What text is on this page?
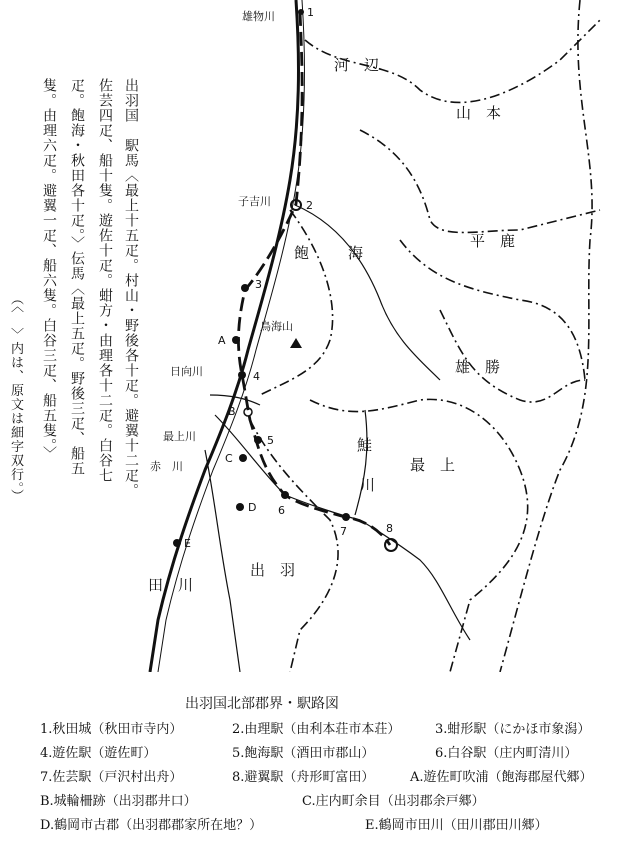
河　辺
山　本
平　鹿
飽	海
雄　勝
最　上
出　羽
田　川
雄物川
子吉川
日向川
最上川
赤　川
鮭
川
鳥海山
1
2
3
4
5
6
7	8
A
B
C
D
E
出羽国　駅馬〈最上十五疋。村山・野後各十疋。避翼十二疋。
佐芸四疋、船十隻。遊佐十疋。蚶方・由理各十二疋。白谷七
疋。飽海・秋田各十疋。〉伝馬〈最上五疋。野後三疋、船五
隻。由理六疋。避翼一疋、船六隻。白谷三疋、船五隻。〉
（〈　〉内は、原文は細字双行。）
出羽国北部郡界・駅路図
1.秋田城（秋田市寺内）	2.由理駅（由利本荘市本荘）	3.蚶形駅（にかほ市象潟）
4.遊佐駅（遊佐町）	5.飽海駅（酒田市郡山）	6.白谷駅（庄内町清川）
7.佐芸駅（戸沢村出舟）	8.避翼駅（舟形町富田）	A.遊佐町吹浦（飽海郡屋代郷）
B.城輪柵跡（出羽郡井口）	C.庄内町余目（出羽郡余戸郷）
D.鶴岡市古郡（出羽郡郡家所在地？）	E.鶴岡市田川（田川郡田川郷）
